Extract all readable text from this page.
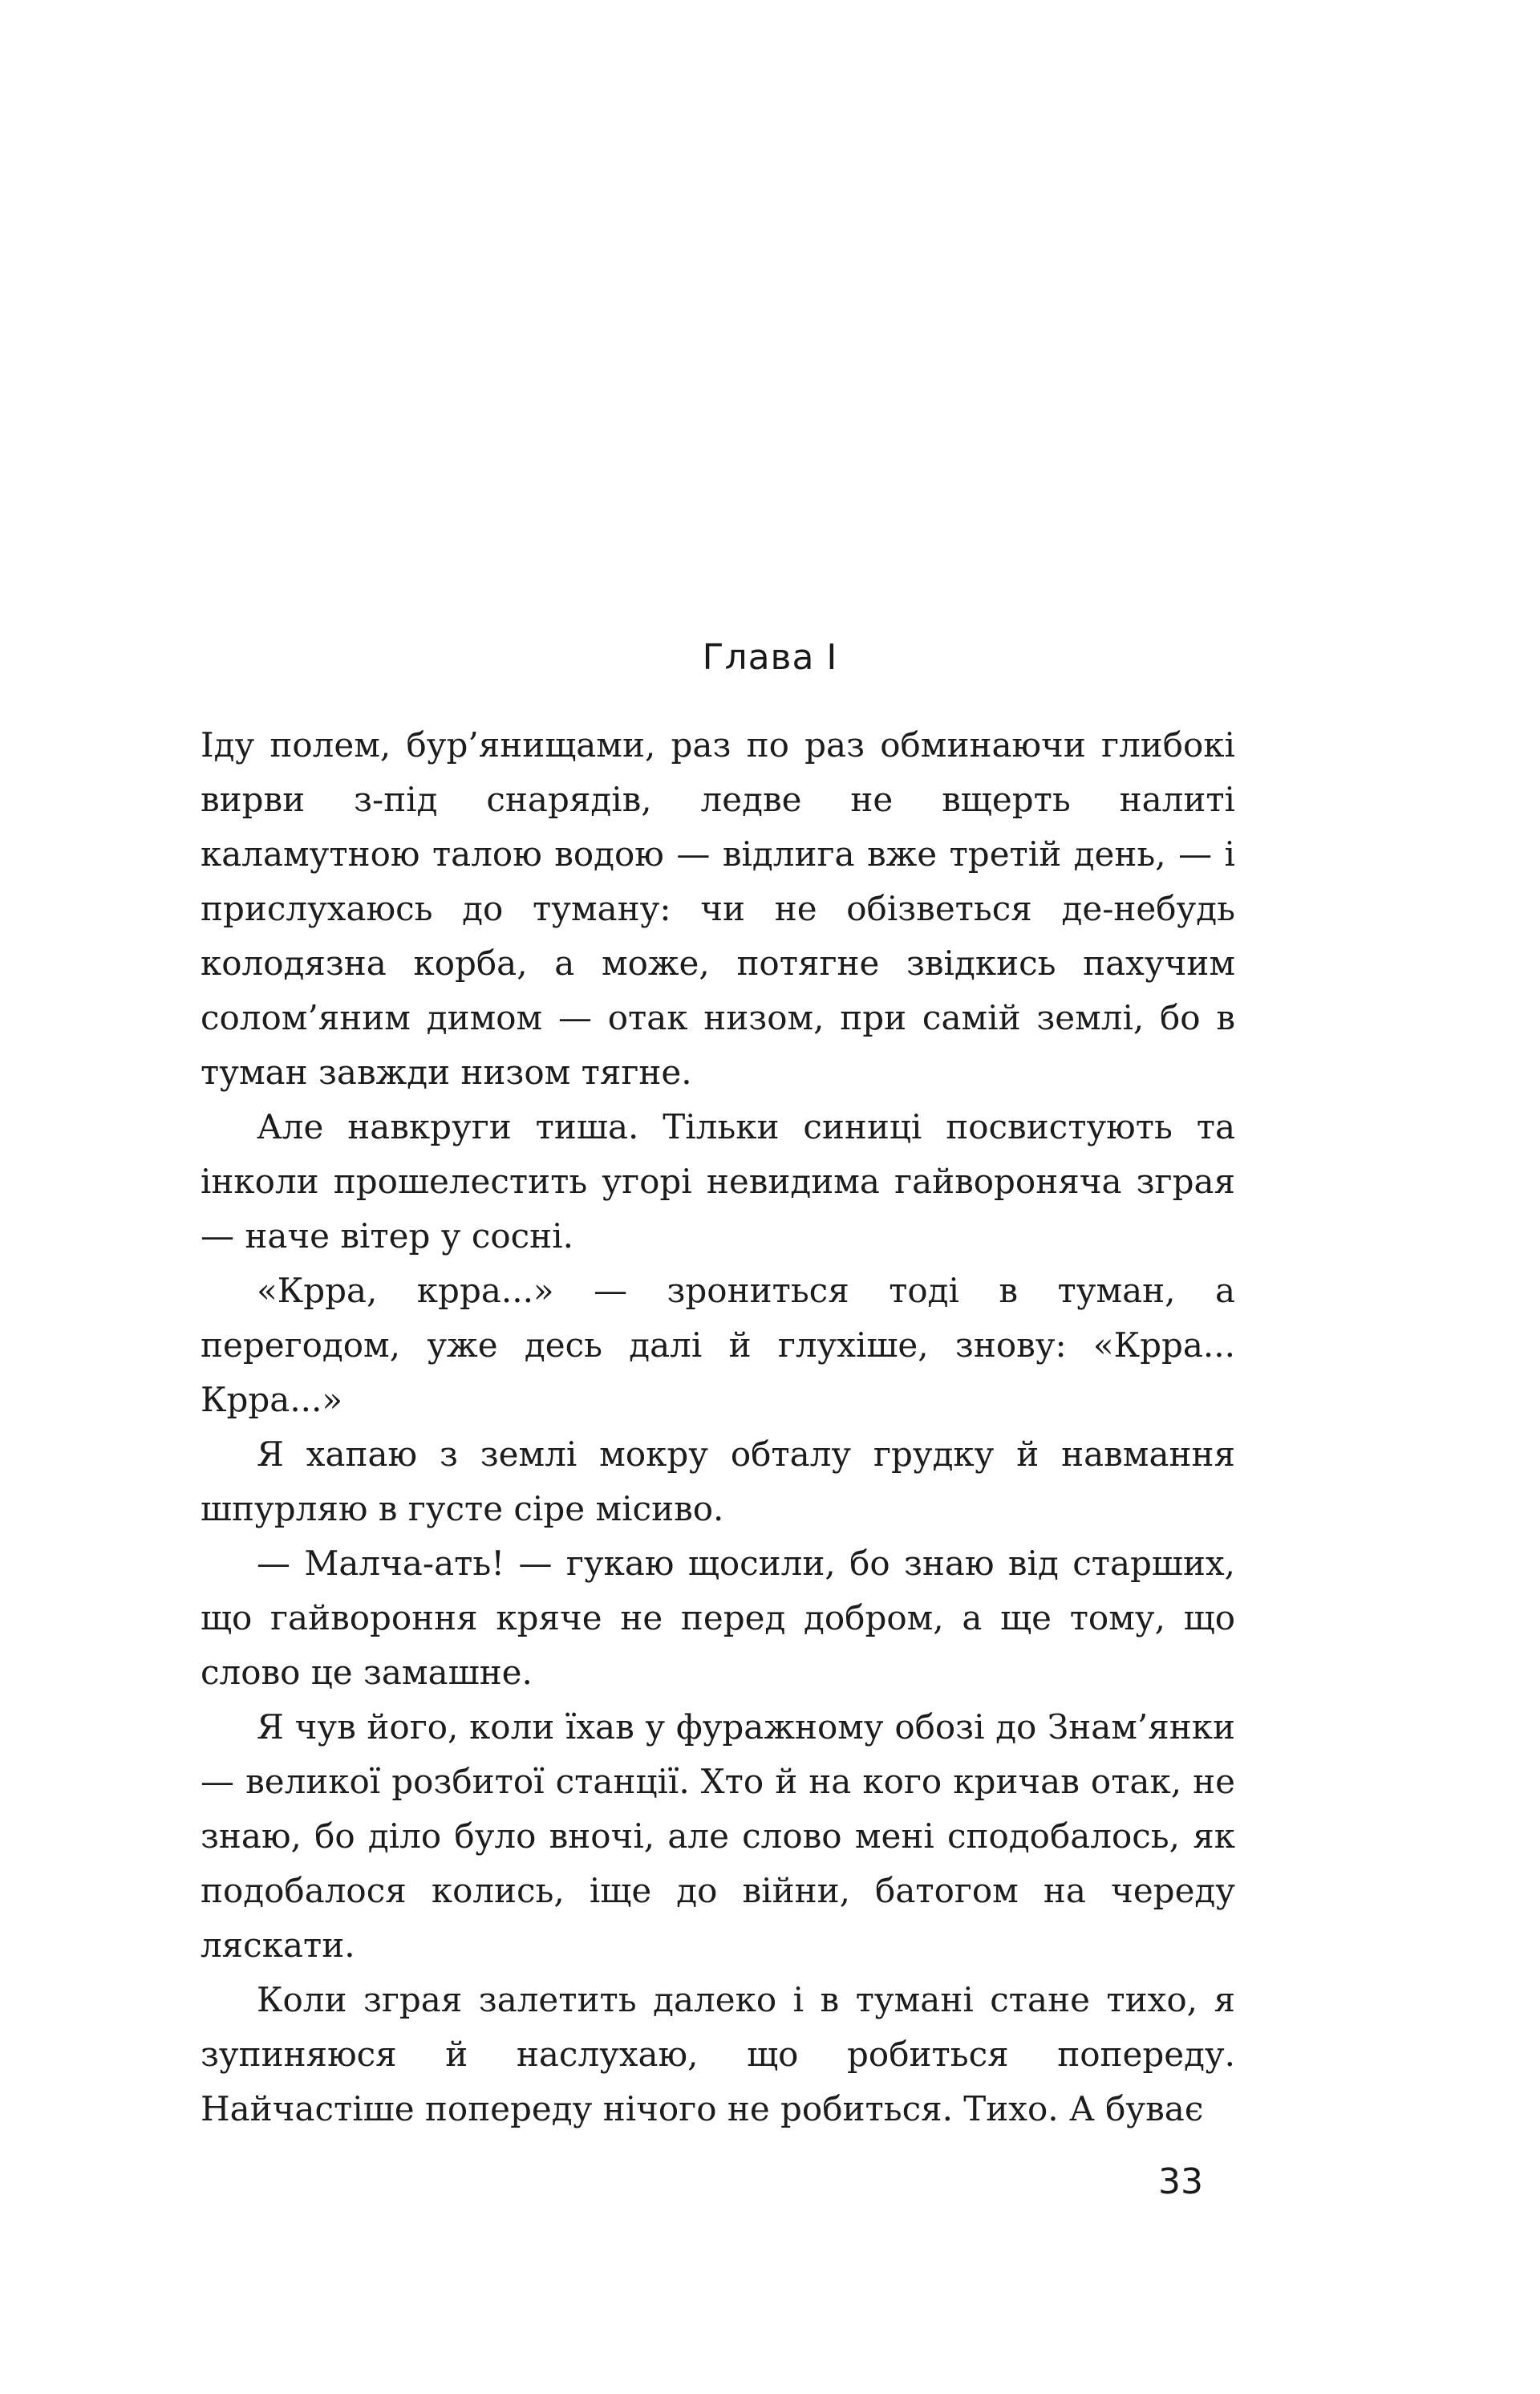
Глава I

Іду полем, бур’янищами, раз по раз обминаючи глибокі вирви з-під снарядів, ледве не вщерть налиті каламутною талою водою — відлига вже третій день, — і прислухаюсь до туману: чи не обізветься де-небудь колодязна корба, а може, потягне звідкись пахучим солом’яним димом — отак низом, при самій землі, бо в туман завжди низом тягне.

Але навкруги тиша. Тільки синиці посвистують та інколи прошелестить угорі невидима гайвороняча зграя — наче вітер у сосні.

«Крра, крра...» — зрониться тоді в туман, а перегодом, уже десь далі й глухіше, знову: «Крра... Крра...»

Я хапаю з землі мокру обталу грудку й навмання шпурляю в густе сіре місиво.

— Малча-ать! — гукаю щосили, бо знаю від старших, що гайвороння кряче не перед добром, а ще тому, що слово це замашне.

Я чув його, коли їхав у фуражному обозі до Знам’янки — великої розбитої станції. Хто й на кого кричав отак, не знаю, бо діло було вночі, але слово мені сподобалось, як подобалося колись, іще до війни, батогом на череду ляскати.

Коли зграя залетить далеко і в тумані стане тихо, я зупиняюся й наслухаю, що робиться попереду. Найчастіше попереду нічого не робиться. Тихо. А буває

33
